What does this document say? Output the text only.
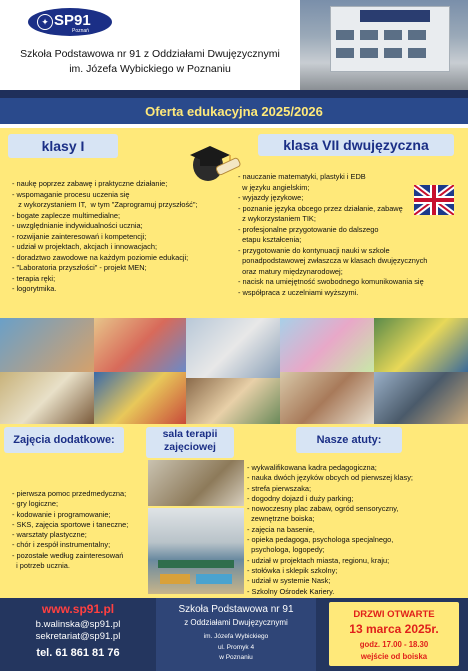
✦ SP91
Poznań
Szkoła Podstawowa nr 91 z Oddziałami Dwujęzycznymi
im. Józefa Wybickiego w Poznaniu
Oferta edukacyjna 2025/2026
klasy I	klasa VII dwujęzyczna
- naukę poprzez zabawę i praktyczne działanie;
- wspomaganie procesu uczenia się
z wykorzystaniem IT,  w tym "Zaprogramuj przyszłość";
- bogate zaplecze multimedialne;
- uwzględnianie indywidualności ucznia;
- rozwijanie zainteresowań i kompetencji;
- udział w projektach, akcjach i innowacjach;
- doradztwo zawodowe na każdym poziomie edukacji;
- "Laboratoria przyszłości" - projekt MEN;
- terapia ręki;
- logorytmika.
- nauczanie matematyki, plastyki i EDB
w języku angielskim;
- wyjazdy językowe;
- poznanie języka obcego przez działanie, zabawę
z wykorzystaniem TIK;
- profesjonalne przygotowanie do dalszego
etapu kształcenia;
- przygotowanie do kontynuacji nauki w szkole
ponadpodstawowej zwłaszcza w klasach dwujęzycznych
oraz matury międzynarodowej;
- nacisk na umiejętność swobodnego komunikowania się
- współpraca z uczelniami wyższymi.
Zajęcia dodatkowe:	sala terapii
zajęciowej
Nasze atuty:
- pierwsza pomoc przedmedyczna;
- gry logiczne;
- kodowanie i programowanie;
- SKS, zajęcia sportowe i taneczne;
- warsztaty plastyczne;
- chór i zespół instrumentalny;
- pozostałe według zainteresowań
i potrzeb ucznia.
- wykwalifikowana kadra pedagogiczna;
- nauka dwóch języków obcych od pierwszej klasy;
- strefa pierwszaka;
- dogodny dojazd i duży parking;
- nowoczesny plac zabaw, ogród sensoryczny,
zewnętrzne boiska;
- zajęcia na basenie,
- opieka pedagoga, psychologa specjalnego,
psychologa, logopedy;
- udział w projektach miasta, regionu, kraju;
- stołówka i sklepik szkolny;
- udział w systemie Nask;
- Szkolny Ośrodek Kariery.
www.sp91.pl
b.walinska@sp91.pl
sekretariat@sp91.pl
tel. 61 861 81 76
Szkoła Podstawowa nr 91
z Oddziałami Dwujęzycznymi
im. Józefa Wybickiego
ul. Promyk 4
w Poznaniu
DRZWI OTWARTE
13 marca 2025r.
godz. 17.00 - 18.30
wejście od boiska
